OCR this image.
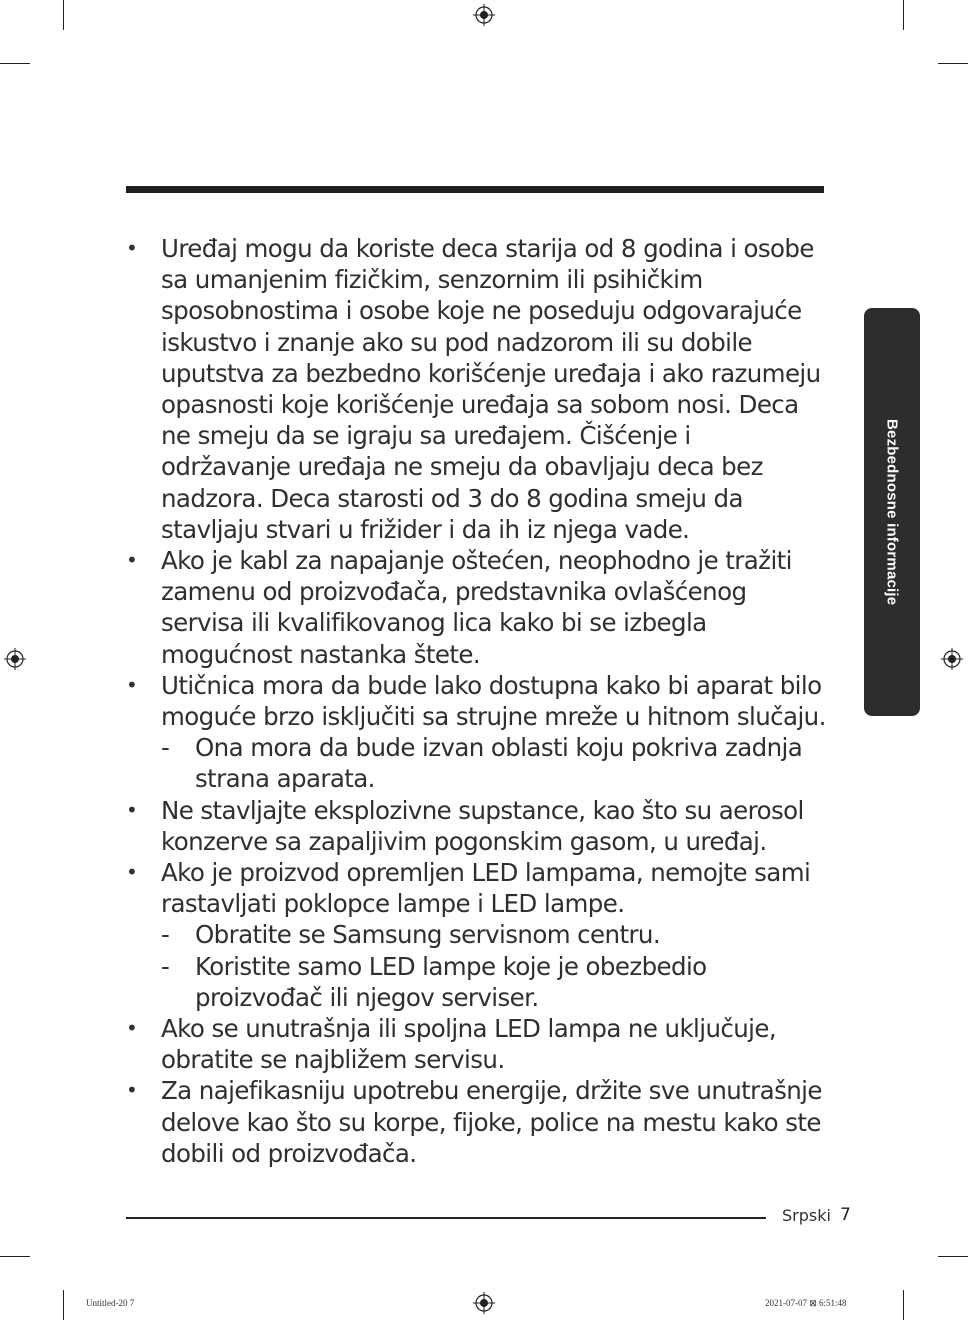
Bezbednosne informacije
• Uređaj mogu da koriste deca starija od 8 godina i osobe sa umanjenim fizičkim, senzornim ili psihičkim sposobnostima i osobe koje ne poseduju odgovarajuće iskustvo i znanje ako su pod nadzorom ili su dobile uputstva za bezbedno korišćenje uređaja i ako razumeju opasnosti koje korišćenje uređaja sa sobom nosi. Deca ne smeju da se igraju sa uređajem. Čišćenje i održavanje uređaja ne smeju da obavljaju deca bez nadzora. Deca starosti od 3 do 8 godina smeju da stavljaju stvari u frižider i da ih iz njega vade.
• Ako je kabl za napajanje oštećen, neophodno je tražiti zamenu od proizvođača, predstavnika ovlašćenog servisa ili kvalifikovanog lica kako bi se izbegla mogućnost nastanka štete.
• Utičnica mora da bude lako dostupna kako bi aparat bilo moguće brzo isključiti sa strujne mreže u hitnom slučaju.
- Ona mora da bude izvan oblasti koju pokriva zadnja strana aparata.
• Ne stavljajte eksplozivne supstance, kao što su aerosol konzerve sa zapaljivim pogonskim gasom, u uređaj.
• Ako je proizvod opremljen LED lampama, nemojte sami rastavljati poklopce lampe i LED lampe.
- Obratite se Samsung servisnom centru.
- Koristite samo LED lampe koje je obezbedio proizvođač ili njegov serviser.
• Ako se unutrašnja ili spoljna LED lampa ne uključuje, obratite se najbližem servisu.
• Za najefikasniju upotrebu energije, držite sve unutrašnje delove kao što su korpe, fijoke, police na mestu kako ste dobili od proizvođača.
Srpski 7
Untitled-20 7	2021-07-07 ⊠ 6:51:48
